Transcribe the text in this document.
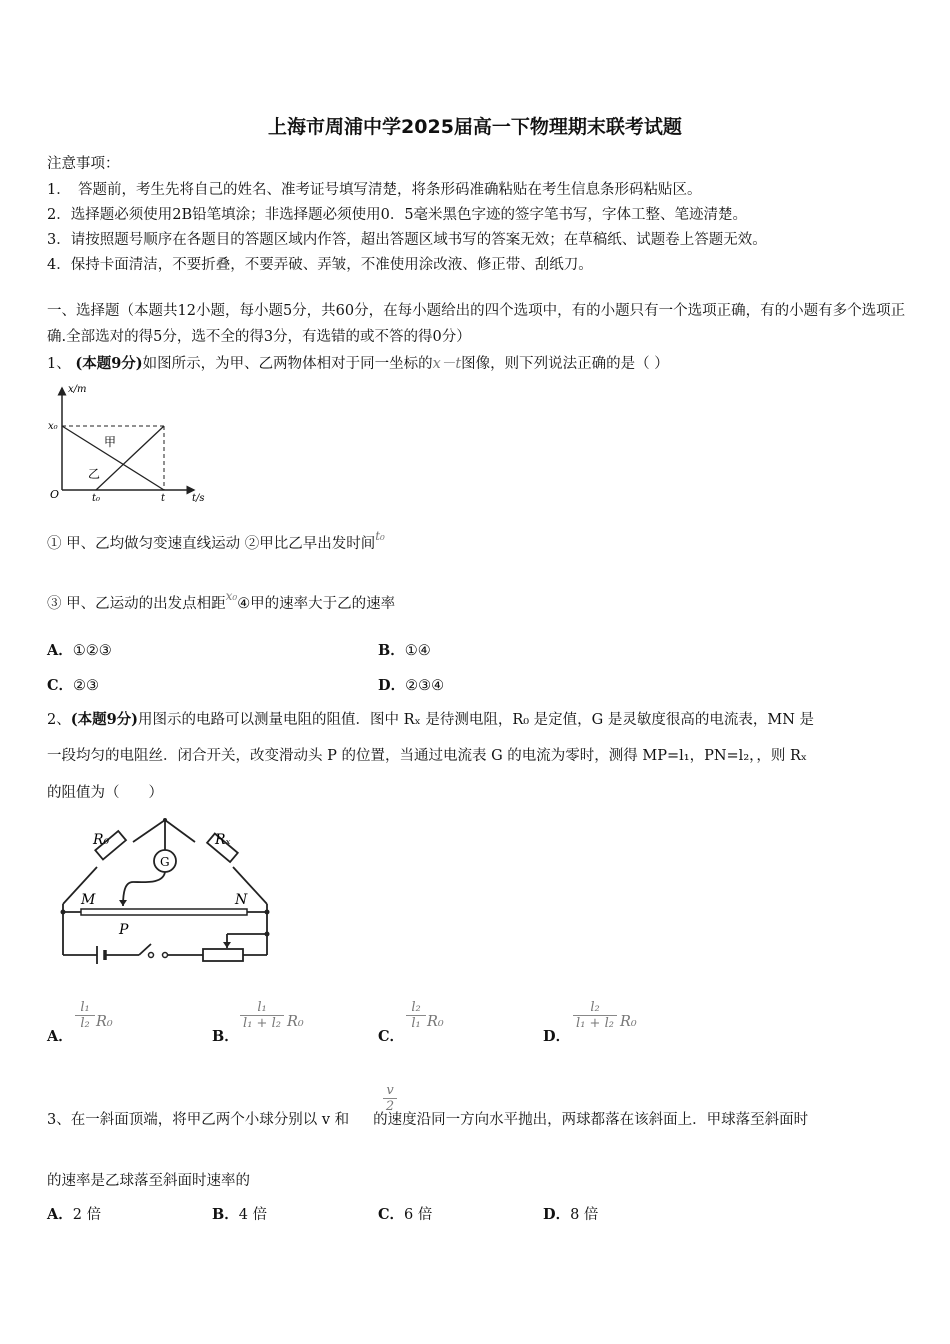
上海市周浦中学2025届高一下物理期末联考试题
注意事项：
1．　答题前，考生先将自己的姓名、准考证号填写清楚，将条形码准确粘贴在考生信息条形码粘贴区。
2．选择题必须使用2B铅笔填涂；非选择题必须使用0．5毫米黑色字迹的签字笔书写，字体工整、笔迹清楚。
3．请按照题号顺序在各题目的答题区域内作答，超出答题区域书写的答案无效；在草稿纸、试题卷上答题无效。
4．保持卡面清洁，不要折叠，不要弄破、弄皱，不准使用涂改液、修正带、刮纸刀。
一、选择题（本题共12小题，每小题5分，共60分，在每小题给出的四个选项中，有的小题只有一个选项正确，有的小题有多个选项正确.全部选对的得5分，选不全的得3分，有选错的或不答的得0分）
1、 (本题9分)如图所示，为甲、乙两物体相对于同一坐标的x－t图像，则下列说法正确的是（ ）
x/m
x₀
O	t₀	t	t/s
甲
乙
① 甲、乙均做匀变速直线运动 ②甲比乙早出发时间$^{t_0}$
③ 甲、乙运动的出发点相距$^{x_0}$④甲的速率大于乙的速率
A．①②③	B．①④
C．②③	D．②③④
2、(本题9分)用图示的电路可以测量电阻的阻值．图中 Rₓ 是待测电阻，R₀ 是定值，G 是灵敏度很高的电流表，MN 是
一段均匀的电阻丝．闭合开关，改变滑动头 P 的位置，当通过电流表 G 的电流为零时，测得 MP=l₁，PN=l₂，，则 Rₓ
的阻值为（　　）
R₀	Rₓ
G
M	N
P
A．
$\frac{\text{l₁}}{\text{l₂}} R_0$
B．
$\frac{\text{l₁}}{\text{l₁ + l₂}} R_0$
C．
$\frac{\text{l₂}}{\text{l₁}} R_0$
D．
$\frac{\text{l₂}}{\text{l₁ + l₂}} R_0$
3、在一斜面顶端，将甲乙两个小球分别以 v 和 的速度沿同一方向水平抛出，两球都落在该斜面上．甲球落至斜面时
$\frac{v}{2}$
的速率是乙球落至斜面时速率的
A．2 倍	B．4 倍	C．6 倍	D．8 倍
